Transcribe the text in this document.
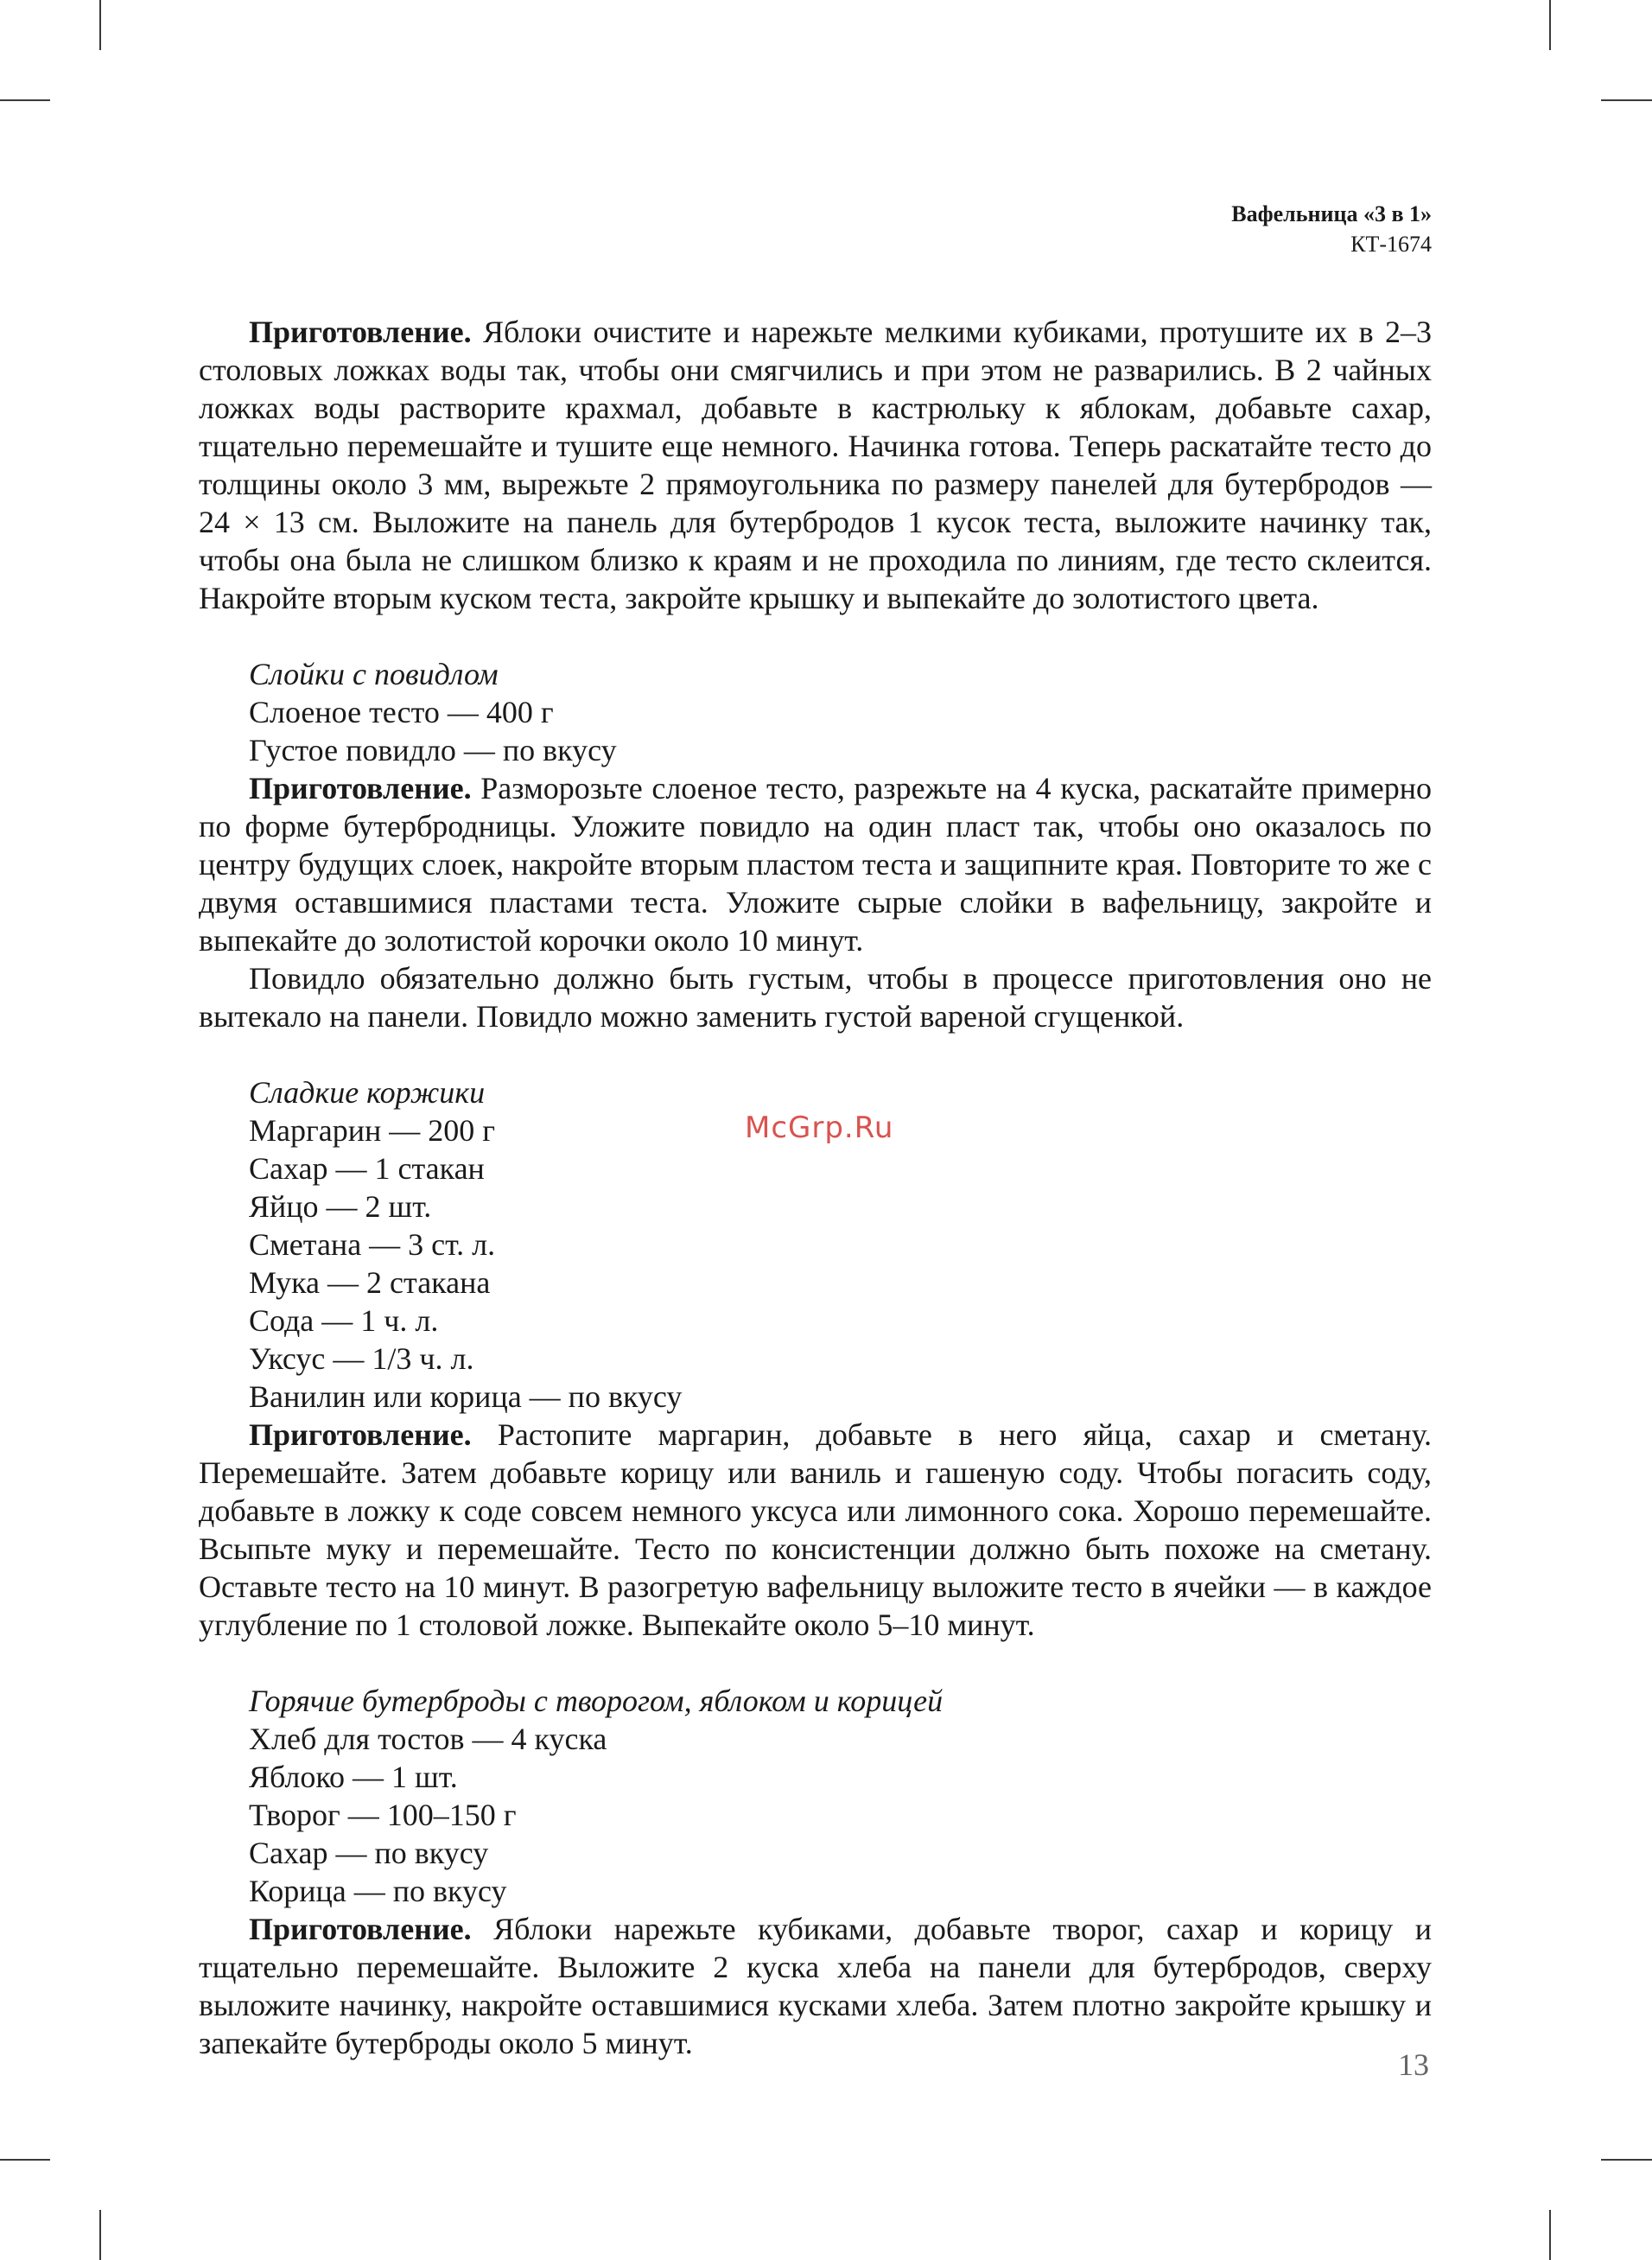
Вафельница «3 в 1»
КТ-1674

Приготовление. Яблоки очистите и нарежьте мелкими кубиками, протушите их в 2–3 столовых ложках воды так, чтобы они смягчились и при этом не разварились. В 2 чайных ложках воды растворите крахмал, добавьте в кастрюльку к яблокам, добавьте сахар, тщательно перемешайте и тушите еще немного. Начинка готова. Теперь раскатайте тесто до толщины около 3 мм, вырежьте 2 прямоугольника по размеру панелей для бутербродов — 24 × 13 см. Выложите на панель для бутербродов 1 кусок теста, выложите начинку так, чтобы она была не слишком близко к краям и не проходила по линиям, где тесто склеится. Накройте вторым куском теста, закройте крышку и выпекайте до золотистого цвета.

Слойки с повидлом

Слоеное тесто — 400 г

Густое повидло — по вкусу

Приготовление. Разморозьте слоеное тесто, разрежьте на 4 куска, раскатайте примерно по форме бутербродницы. Уложите повидло на один пласт так, чтобы оно оказалось по центру будущих слоек, накройте вторым пластом теста и защипните края. Повторите то же с двумя оставшимися пластами теста. Уложите сырые слойки в вафельницу, закройте и выпекайте до золотистой корочки около 10 минут.

Повидло обязательно должно быть густым, чтобы в процессе приготовления оно не вытекало на панели. Повидло можно заменить густой вареной сгущенкой.

Сладкие коржики

Маргарин — 200 г

Сахар — 1 стакан

Яйцо — 2 шт.

Сметана — 3 ст. л.

Мука — 2 стакана

Сода — 1 ч. л.

Уксус — 1/3 ч. л.

Ванилин или корица — по вкусу

Приготовление. Растопите маргарин, добавьте в него яйца, сахар и сметану. Перемешайте. Затем добавьте корицу или ваниль и гашеную соду. Чтобы погасить соду, добавьте в ложку к соде совсем немного уксуса или лимонного сока. Хорошо перемешайте. Всыпьте муку и перемешайте. Тесто по консистенции должно быть похоже на сметану. Оставьте тесто на 10 минут. В разогретую вафельницу выложите тесто в ячейки — в каждое углубление по 1 столовой ложке. Выпекайте около 5–10 минут.

Горячие бутерброды с творогом, яблоком и корицей

Хлеб для тостов — 4 куска

Яблоко — 1 шт.

Творог — 100–150 г

Сахар — по вкусу

Корица — по вкусу

Приготовление. Яблоки нарежьте кубиками, добавьте творог, сахар и корицу и тщательно перемешайте. Выложите 2 куска хлеба на панели для бутербродов, сверху выложите начинку, накройте оставшимися кусками хлеба. Затем плотно закройте крышку и запекайте бутерброды около 5 минут.

McGrp.Ru
13
